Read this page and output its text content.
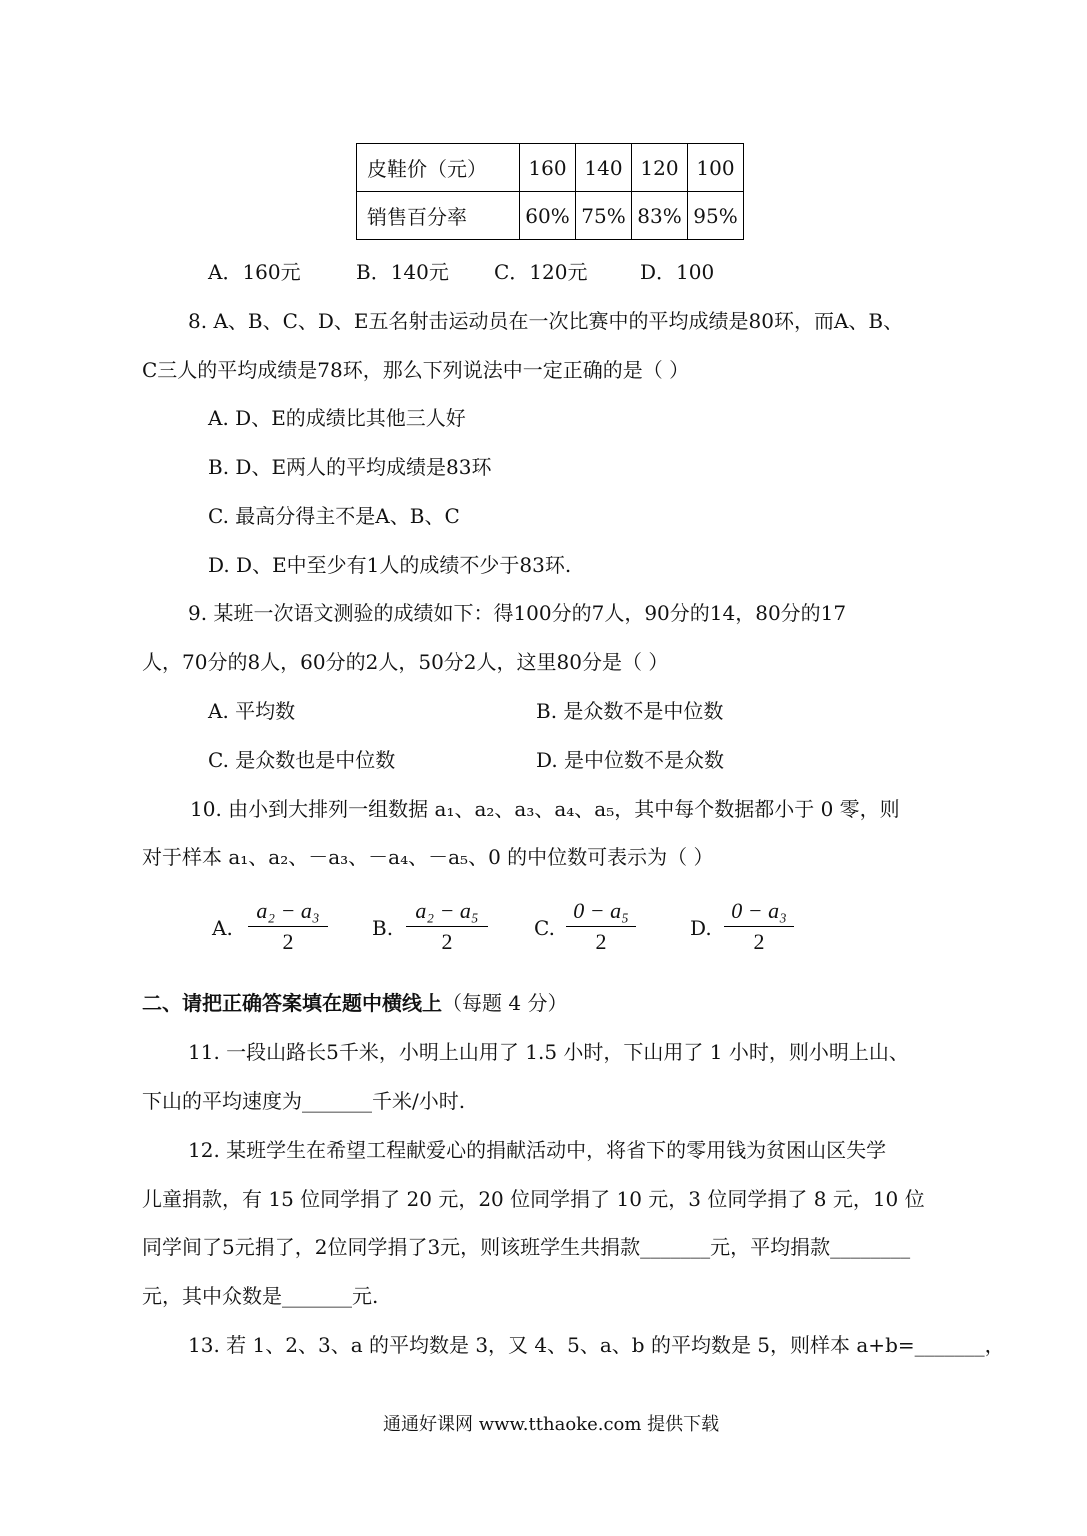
皮鞋价（元）	160	140	120	100
销售百分率	60%	75%	83%	95%
A．160元	B．140元 C．120元	D．100
8. A、B、C、D、E五名射击运动员在一次比赛中的平均成绩是80环，而A、B、
C三人的平均成绩是78环，那么下列说法中一定正确的是（ ）
A. D、E的成绩比其他三人好
B. D、E两人的平均成绩是83环
C. 最高分得主不是A、B、C
D. D、E中至少有1人的成绩不少于83环.
9. 某班一次语文测验的成绩如下：得100分的7人，90分的14，80分的17
人，70分的8人，60分的2人，50分2人，这里80分是（ ）
A. 平均数	B. 是众数不是中位数
C. 是众数也是中位数	D. 是中位数不是众数
10. 由小到大排列一组数据 a₁、a₂、a₃、a₄、a₅，其中每个数据都小于 0 零，则
对于样本 a₁、a₂、－a₃、－a₄、－a₅、0 的中位数可表示为（ ）
A.
a₂ − a₃
2
B.
a₂ − a₅
2
C.
0 − a₅
2
D.
0 − a₃
2
二、请把正确答案填在题中横线上（每题 4 分）
11. 一段山路长5千米，小明上山用了 1.5 小时，下山用了 1 小时，则小明上山、
下山的平均速度为_______千米/小时.
12. 某班学生在希望工程献爱心的捐献活动中，将省下的零用钱为贫困山区失学
儿童捐款，有 15 位同学捐了 20 元，20 位同学捐了 10 元，3 位同学捐了 8 元，10 位
同学间了5元捐了，2位同学捐了3元，则该班学生共捐款_______元，平均捐款________
元，其中众数是_______元.
13. 若 1、2、3、a 的平均数是 3，又 4、5、a、b 的平均数是 5，则样本 a+b=_______，
通通好课网 www.tthaoke.com 提供下载
